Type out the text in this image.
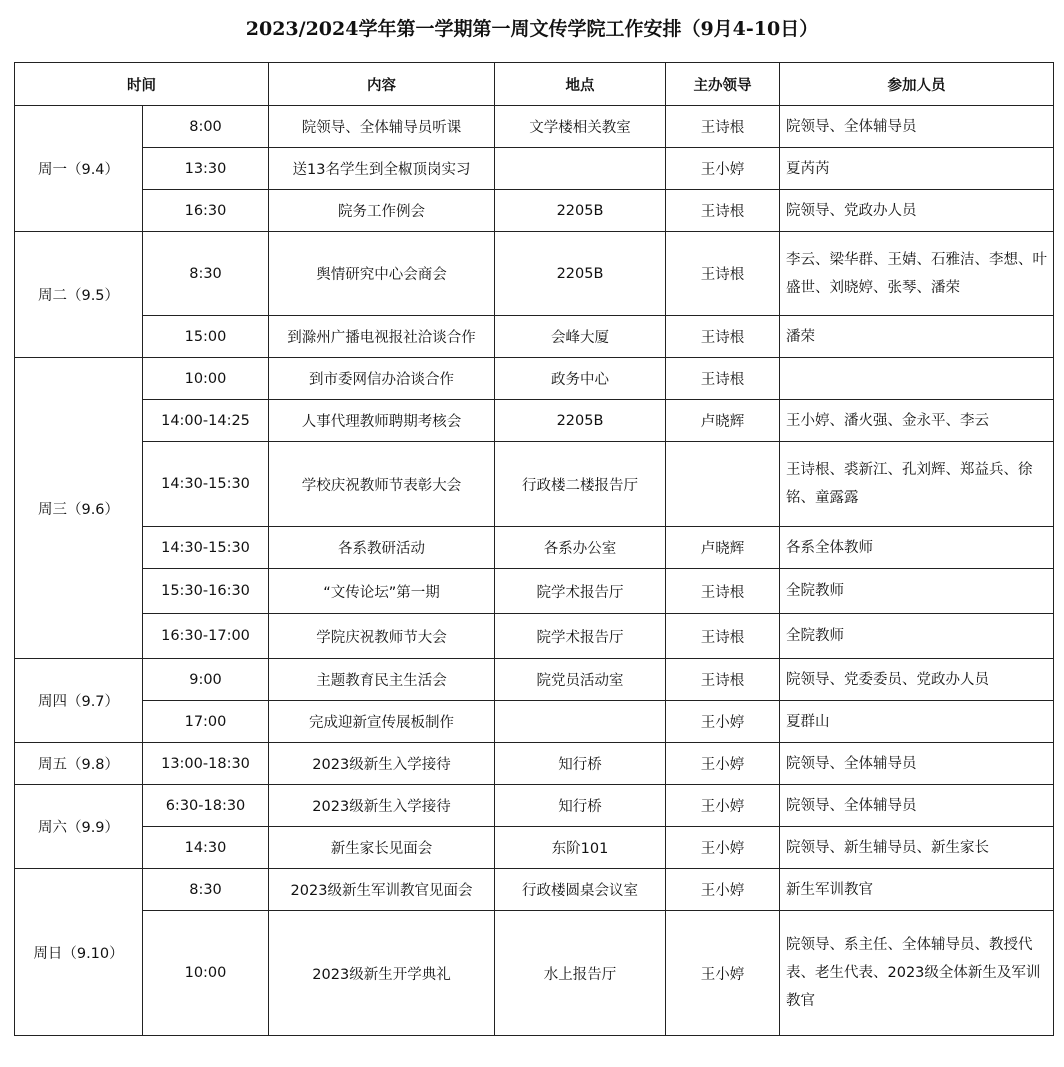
2023/2024学年第一学期第一周文传学院工作安排（9月4-10日）
时间		内容	地点	主办领导	参加人员
周一（9.4）	8:00	院领导、全体辅导员听课	文学楼相关教室	王诗根	院领导、全体辅导员
	13:30	送13名学生到全椒顶岗实习		王小婷	夏芮芮
	16:30	院务工作例会	2205B	王诗根	院领导、党政办人员
周二（9.5）	8:30	舆情研究中心会商会	2205B	王诗根	李云、梁华群、王婧、石雅洁、李想、叶盛世、刘晓婷、张琴、潘荣
	15:00	到滁州广播电视报社洽谈合作	会峰大厦	王诗根	潘荣
周三（9.6）	10:00	到市委网信办洽谈合作	政务中心	王诗根	
	14:00-14:25	人事代理教师聘期考核会	2205B	卢晓辉	王小婷、潘火强、金永平、李云
	14:30-15:30	学校庆祝教师节表彰大会	行政楼二楼报告厅		王诗根、裘新江、孔刘辉、郑益兵、徐铭、童露露
	14:30-15:30	各系教研活动	各系办公室	卢晓辉	各系全体教师
	15:30-16:30	“文传论坛”第一期	院学术报告厅	王诗根	全院教师
	16:30-17:00	学院庆祝教师节大会	院学术报告厅	王诗根	全院教师
周四（9.7）	9:00	主题教育民主生活会	院党员活动室	王诗根	院领导、党委委员、党政办人员
	17:00	完成迎新宣传展板制作		王小婷	夏群山
周五（9.8）	13:00-18:30	2023级新生入学接待	知行桥	王小婷	院领导、全体辅导员
周六（9.9）	6:30-18:30	2023级新生入学接待	知行桥	王小婷	院领导、全体辅导员
	14:30	新生家长见面会	东阶101	王小婷	院领导、新生辅导员、新生家长
周日（9.10）	8:30	2023级新生军训教官见面会	行政楼圆桌会议室	王小婷	新生军训教官
	10:00	2023级新生开学典礼	水上报告厅	王小婷	院领导、系主任、全体辅导员、教授代表、老生代表、2023级全体新生及军训教官
